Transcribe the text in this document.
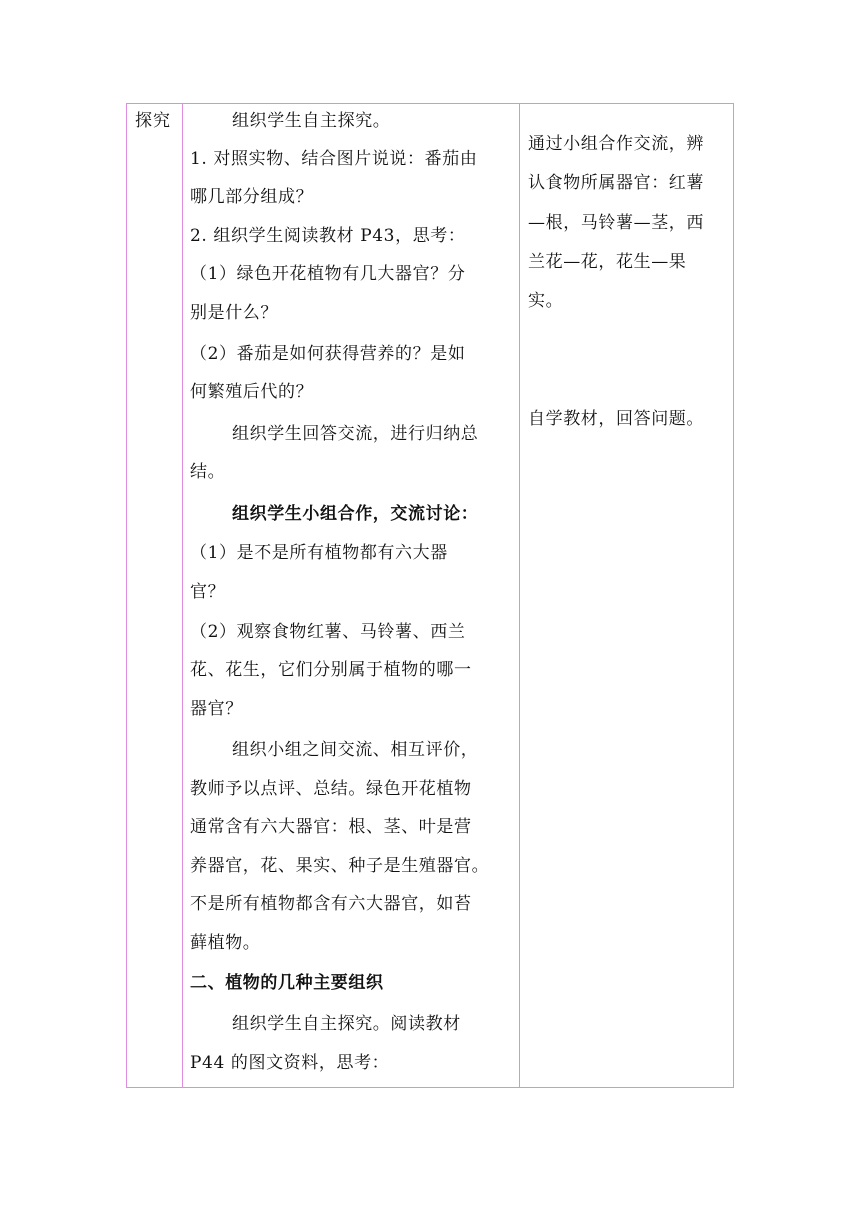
探究	组织学生自主探究。
1. 对照实物、结合图片说说：番茄由
哪几部分组成？
2. 组织学生阅读教材 P43，思考：
（1）绿色开花植物有几大器官？分
别是什么？
（2）番茄是如何获得营养的？是如
何繁殖后代的？
组织学生回答交流，进行归纳总
结。
组织学生小组合作，交流讨论：
（1）是不是所有植物都有六大器
官？
（2）观察食物红薯、马铃薯、西兰
花、花生，它们分别属于植物的哪一
器官？
组织小组之间交流、相互评价，
教师予以点评、总结。绿色开花植物
通常含有六大器官：根、茎、叶是营
养器官，花、果实、种子是生殖器官。
不是所有植物都含有六大器官，如苔
藓植物。
二、植物的几种主要组织
组织学生自主探究。阅读教材
P44 的图文资料，思考：
通过小组合作交流，辨
认食物所属器官：红薯
—根，马铃薯—茎，西
兰花—花，花生—果
实。
自学教材，回答问题。
